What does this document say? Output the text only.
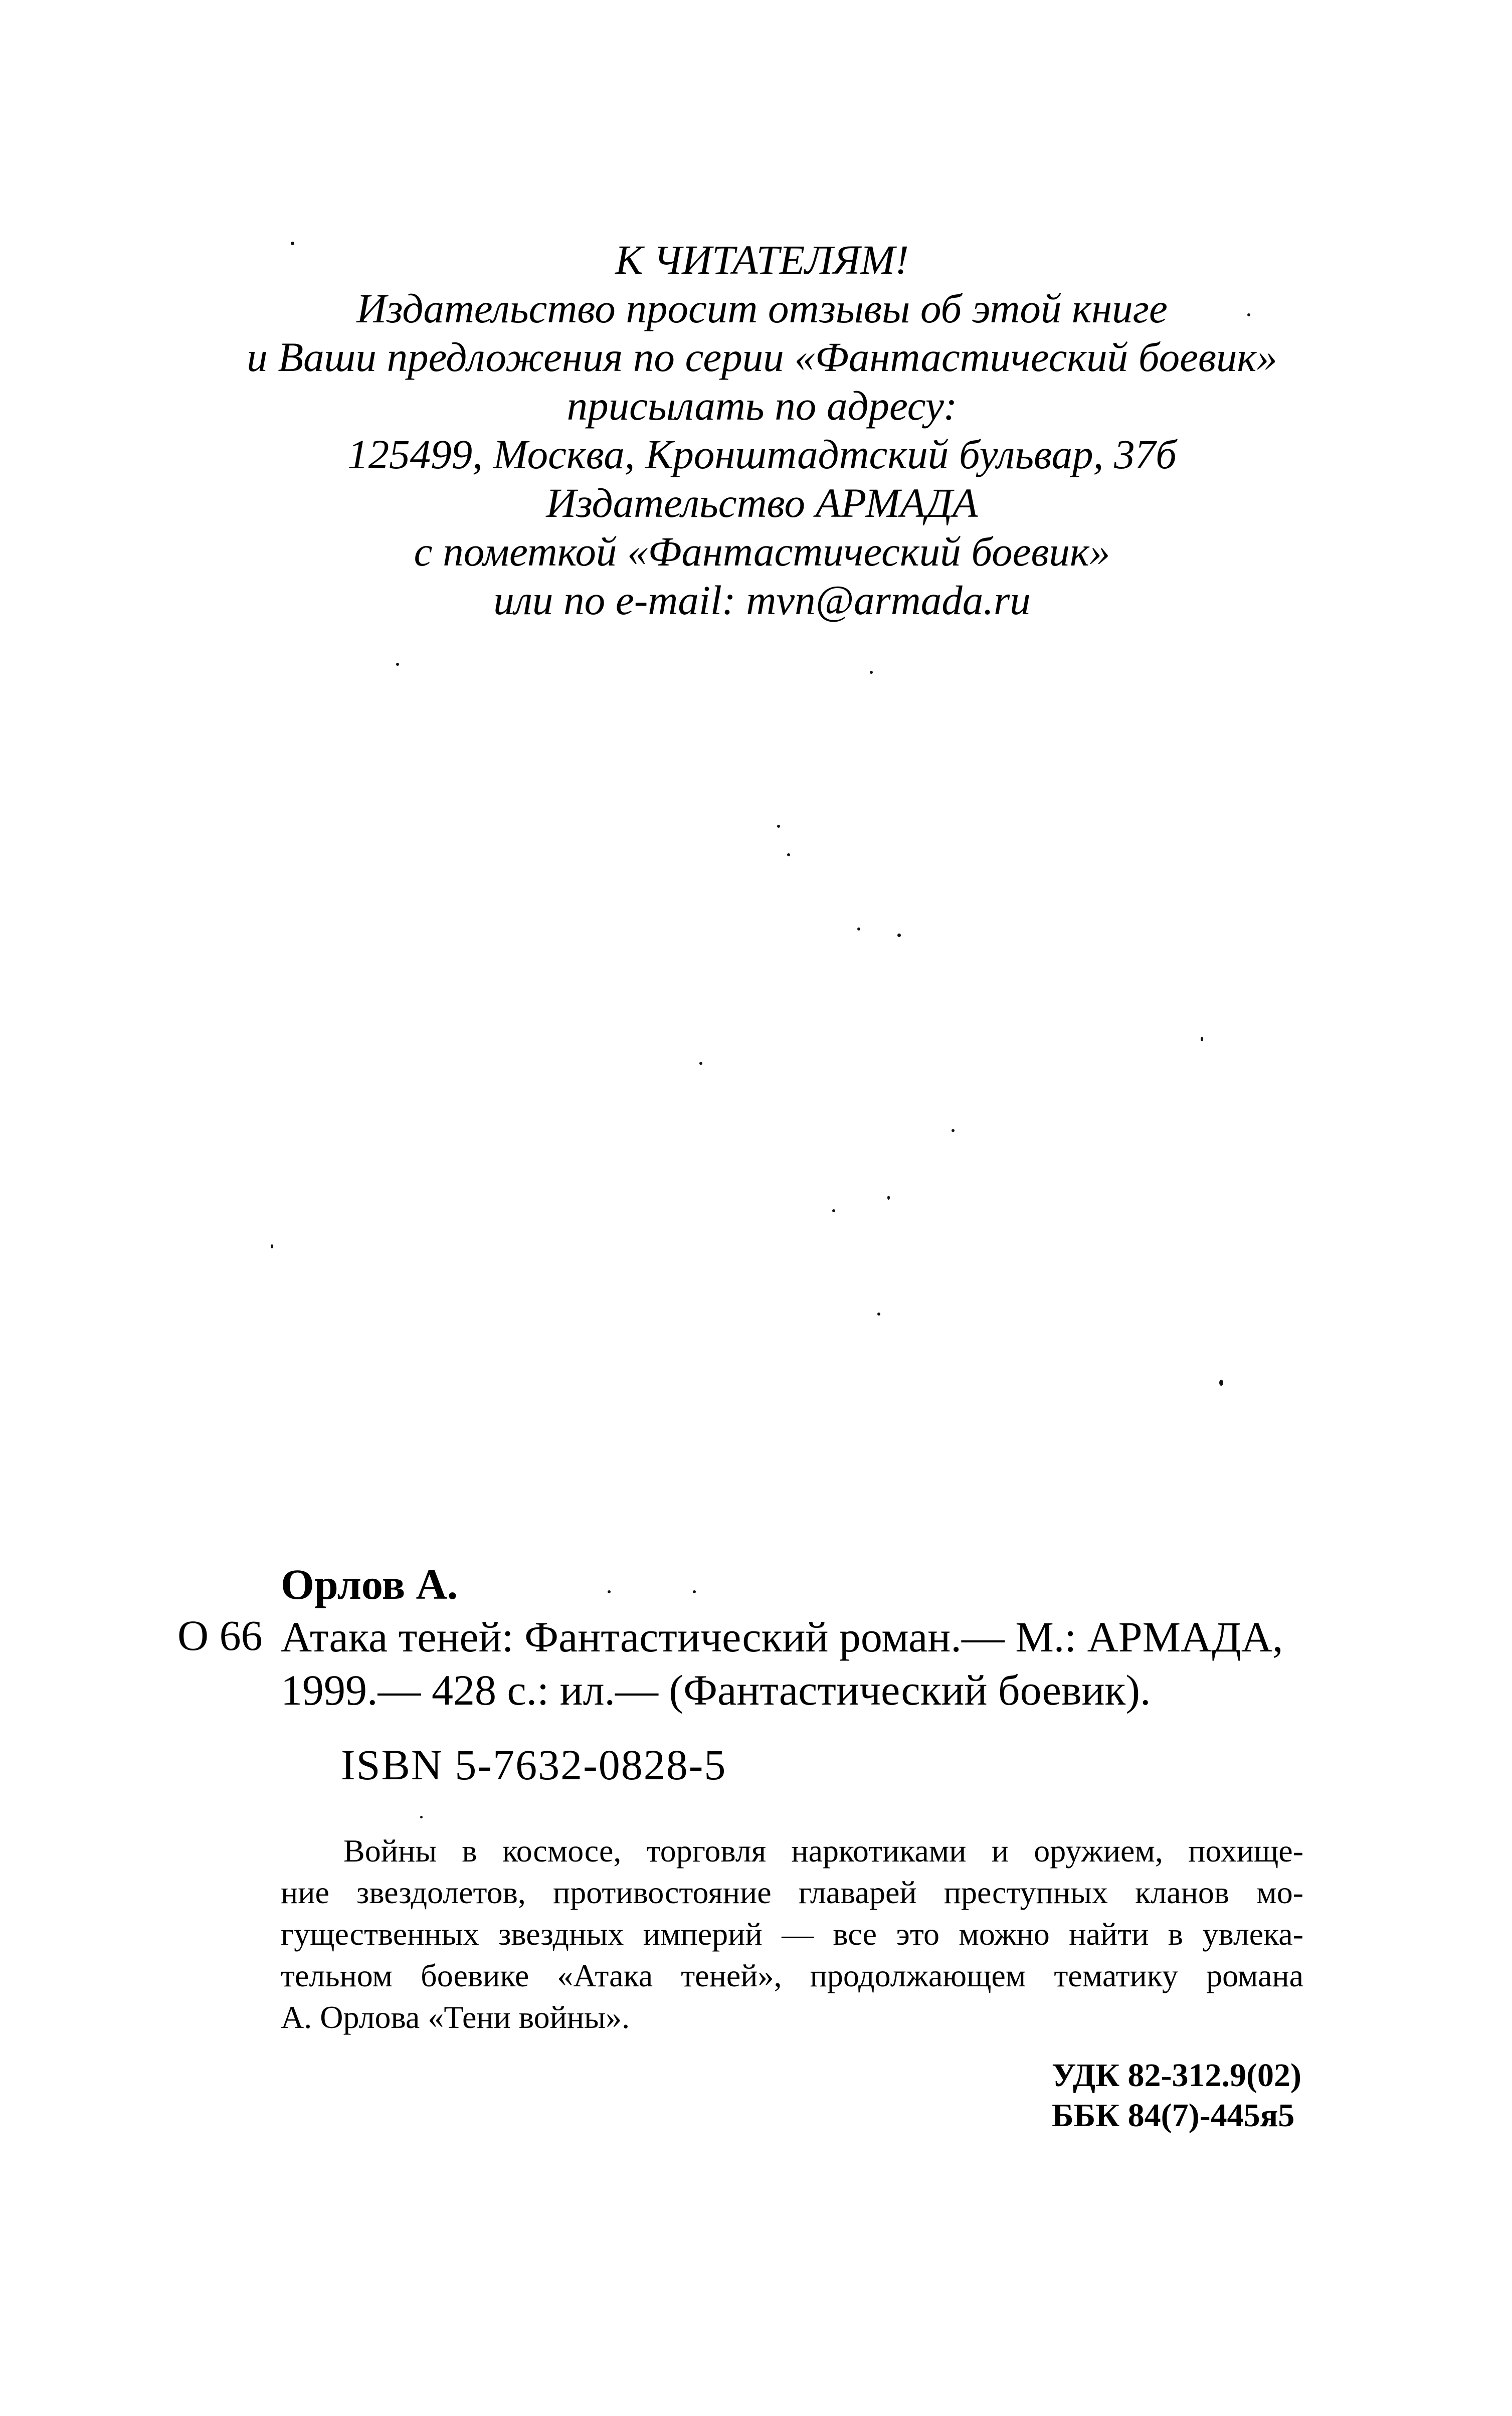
К ЧИТАТЕЛЯМ!
Издательство просит отзывы об этой книге
и Ваши предложения по серии «Фантастический боевик»
присылать по адресу:
125499, Москва, Кронштадтский бульвар, 37б
Издательство АРМАДА
с пометкой «Фантастический боевик»
или по e-mail: mvn@armada.ru
Орлов А.
О 66 Атака теней: Фантастический роман.— М.: АРМАДА,
1999.— 428 с.: ил.— (Фантастический боевик).
ISBN 5-7632-0828-5
Войны в космосе, торговля наркотиками и оружием, похище-
ние звездолетов, противостояние главарей преступных кланов мо-
гущественных звездных империй — все это можно найти в увлека-
тельном боевике «Атака теней», продолжающем тематику романа
А. Орлова «Тени войны».
УДК 82-312.9(02)
ББК 84(7)-445я5
